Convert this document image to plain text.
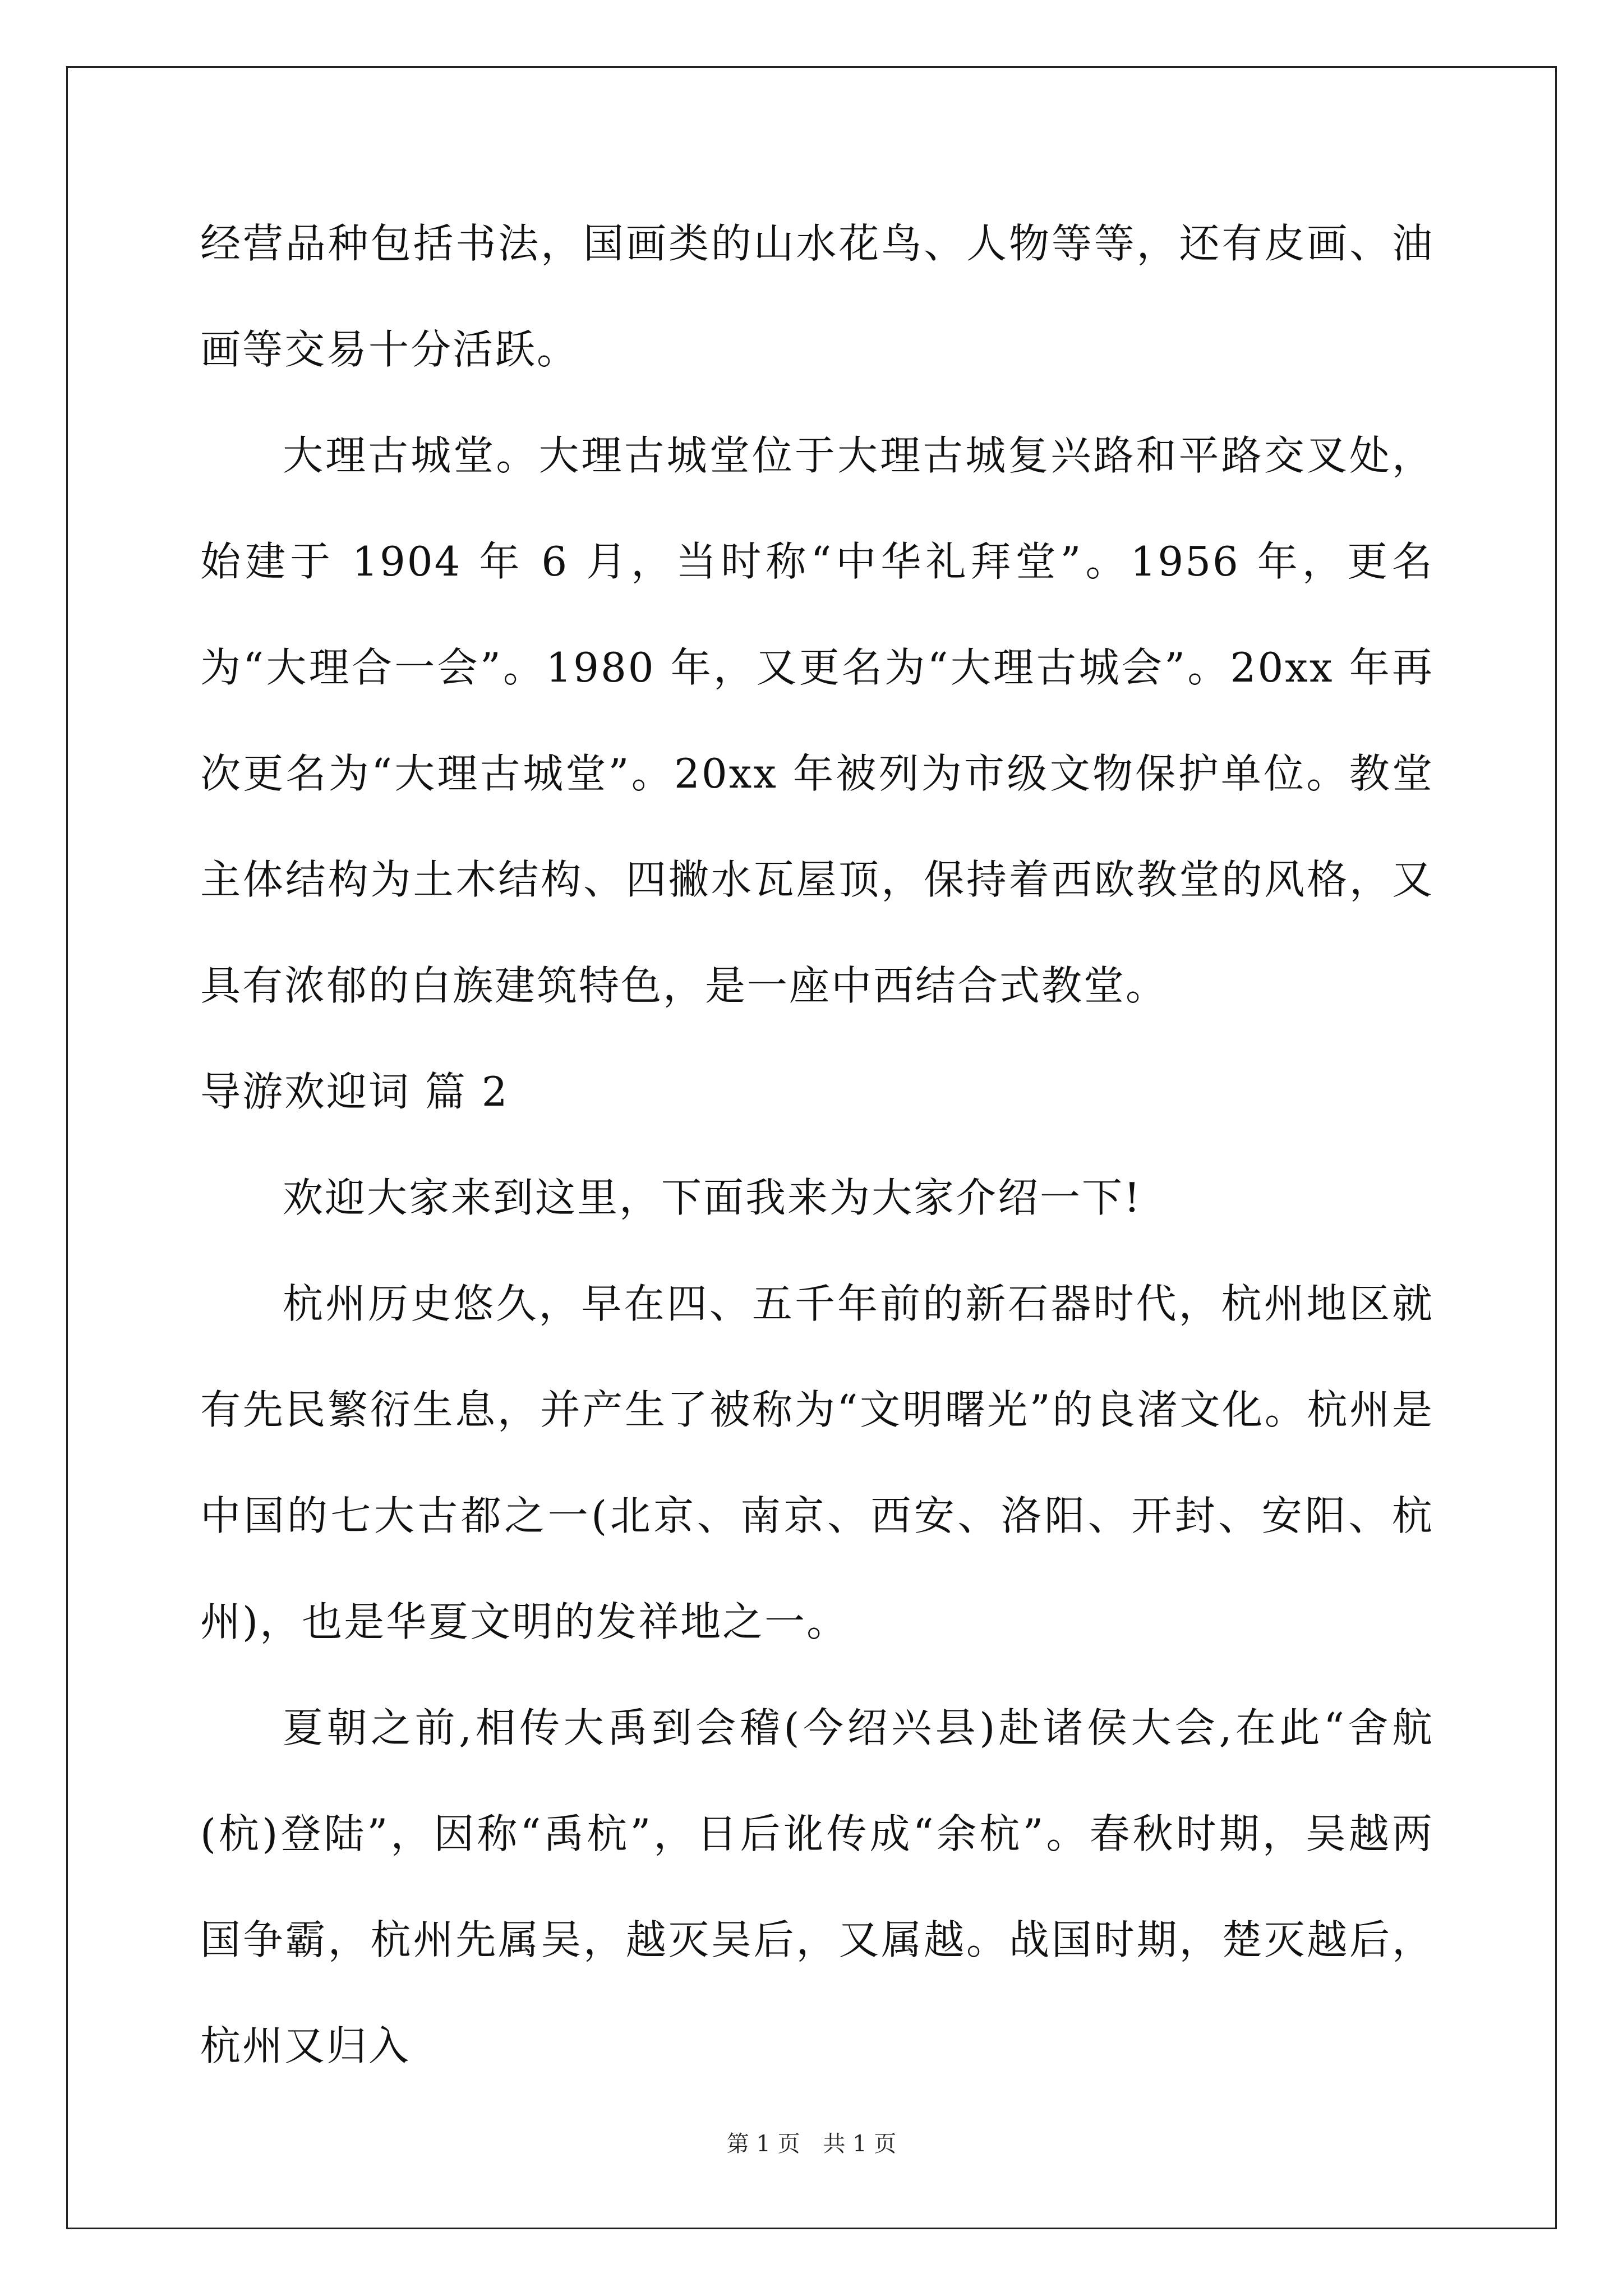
经营品种包括书法，国画类的山水花鸟、人物等等，还有皮画、油画等交易十分活跃。

大理古城堂。大理古城堂位于大理古城复兴路和平路交叉处，始建于 1904 年 6 月，当时称“中华礼拜堂”。1956 年，更名为“大理合一会”。1980 年，又更名为“大理古城会”。20xx 年再次更名为“大理古城堂”。20xx 年被列为市级文物保护单位。教堂主体结构为土木结构、四撇水瓦屋顶，保持着西欧教堂的风格，又具有浓郁的白族建筑特色，是一座中西结合式教堂。

导游欢迎词 篇 2

欢迎大家来到这里，下面我来为大家介绍一下!

杭州历史悠久，早在四、五千年前的新石器时代，杭州地区就有先民繁衍生息，并产生了被称为“文明曙光”的良渚文化。杭州是中国的七大古都之一(北京、南京、西安、洛阳、开封、安阳、杭州)，也是华夏文明的发祥地之一。

夏朝之前,相传大禹到会稽(今绍兴县)赴诸侯大会,在此“舍航(杭)登陆”，因称“禹杭”，日后讹传成“余杭”。春秋时期，吴越两国争霸，杭州先属吴，越灭吴后，又属越。战国时期，楚灭越后，杭州又归入

第 1 页 共 1 页
